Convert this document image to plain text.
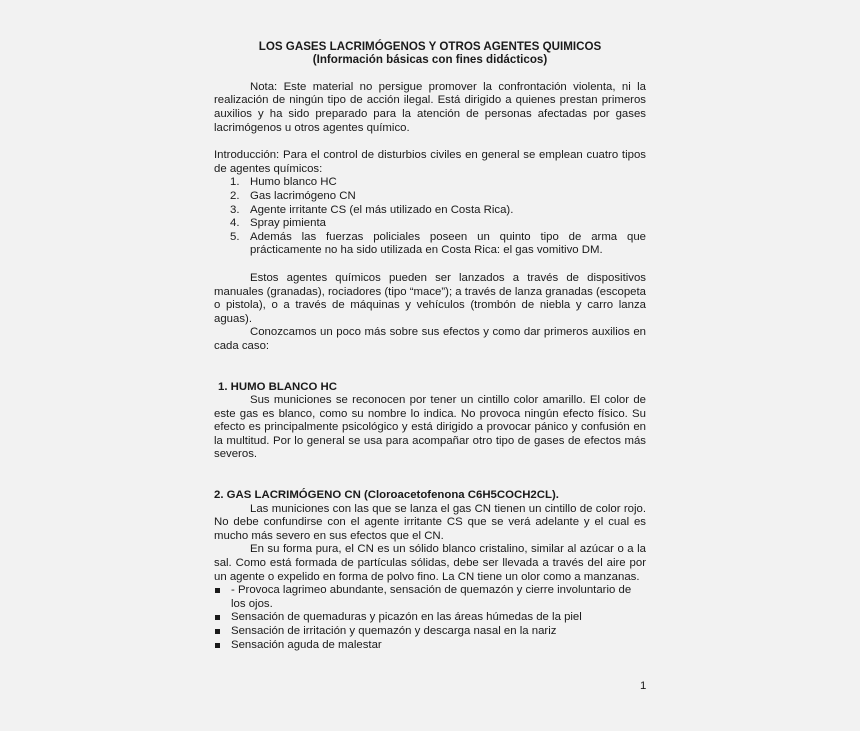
LOS GASES LACRIMÓGENOS Y OTROS AGENTES QUIMICOS
(Información básicas con fines didácticos)
Nota: Este material no persigue promover la confrontación violenta, ni la realización de ningún tipo de acción ilegal. Está dirigido a quienes prestan primeros auxilios y ha sido preparado para la atención de personas afectadas por gases lacrimógenos u otros agentes químico.
Introducción: Para el control de disturbios civiles en general se emplean cuatro tipos de agentes químicos:
1. Humo blanco HC
2. Gas lacrimógeno CN
3. Agente irritante CS (el más utilizado en Costa Rica).
4. Spray pimienta
5. Además las fuerzas policiales poseen un quinto tipo de arma que prácticamente no ha sido utilizada en Costa Rica: el gas vomitivo DM.
Estos agentes químicos pueden ser lanzados a través de dispositivos manuales (granadas), rociadores (tipo “mace”); a través de lanza granadas (escopeta o pistola), o a través de máquinas y vehículos (trombón de niebla y carro lanza aguas).
Conozcamos un poco más sobre sus efectos y como dar primeros auxilios en cada caso:
1. HUMO BLANCO HC
Sus municiones se reconocen por tener un cintillo color amarillo. El color de este gas es blanco, como su nombre lo indica. No provoca ningún efecto físico. Su efecto es principalmente psicológico y está dirigido a provocar pánico y confusión en la multitud. Por lo general se usa para acompañar otro tipo de gases de efectos más severos.
2. GAS LACRIMÓGENO CN (Cloroacetofenona C6H5COCH2CL).
Las municiones con las que se lanza el gas CN tienen un cintillo de color rojo. No debe confundirse con el agente irritante CS que se verá adelante y el cual es mucho más severo en sus efectos que el CN.
En su forma pura, el CN es un sólido blanco cristalino, similar al azúcar o a la sal. Como está formada de partículas sólidas, debe ser llevada a través del aire por un agente o expelido en forma de polvo fino. La CN tiene un olor como a manzanas.
- Provoca lagrimeo abundante, sensación de quemazón y cierre involuntario de los ojos.
Sensación de quemaduras y picazón en las áreas húmedas de la piel
Sensación de irritación y quemazón y descarga nasal en la nariz
Sensación aguda de malestar
1
